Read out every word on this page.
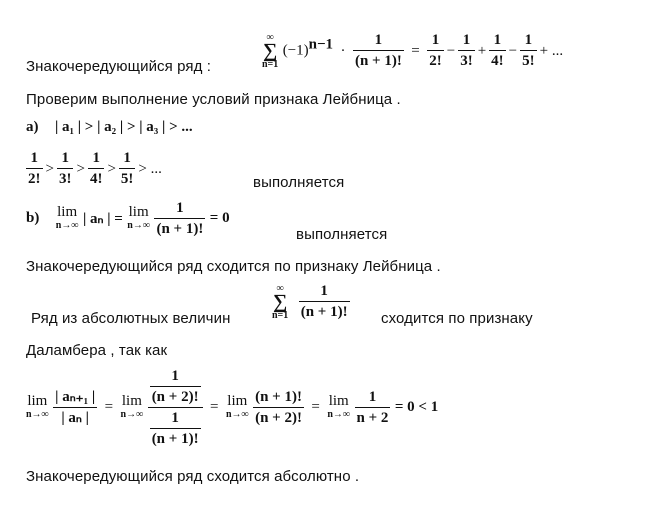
Знакочередующийся ряд :
∞
∑
n=1
$(-1)^{n-1} \cdot \frac{1}{(n + 1)!} = \frac{1}{2!} - \frac{1}{3!} + \frac{1}{4!} - \frac{1}{5!}$ + ...
Проверим выполнение условий признака Лейбница .
a) | a₁ | > | a₂ | > | a₃ | > ...
$\frac{1}{2!} > \frac{1}{3!} > \frac{1}{4!} > \frac{1}{5!}$ > ...
выполняется
b) lim
n→∞ | aₙ | = lim
n→∞
$\frac{1}{(n + 1)!} = 0$
выполняется
Знакочередующийся ряд сходится по признаку Лейбница .
Ряд из абсолютных величин
∞
∑
n=1
$\frac{1}{(n + 1)!}$ сходится по признаку
Даламбера , так как
lim
n→∞
$\frac{\text{| aₙ₊₁ |}}{\text{| aₙ |}} = \lim$
n→∞
$\frac{\frac{1}{(n + 2)!}}{\frac{1}{(n + 1)!}} = \lim$
n→∞
$\frac{(n + 1)!}{(n + 2)!} = \lim$
n→∞
$\frac{1}{n + 2} = 0 < 1$
Знакочередующийся ряд сходится абсолютно .
